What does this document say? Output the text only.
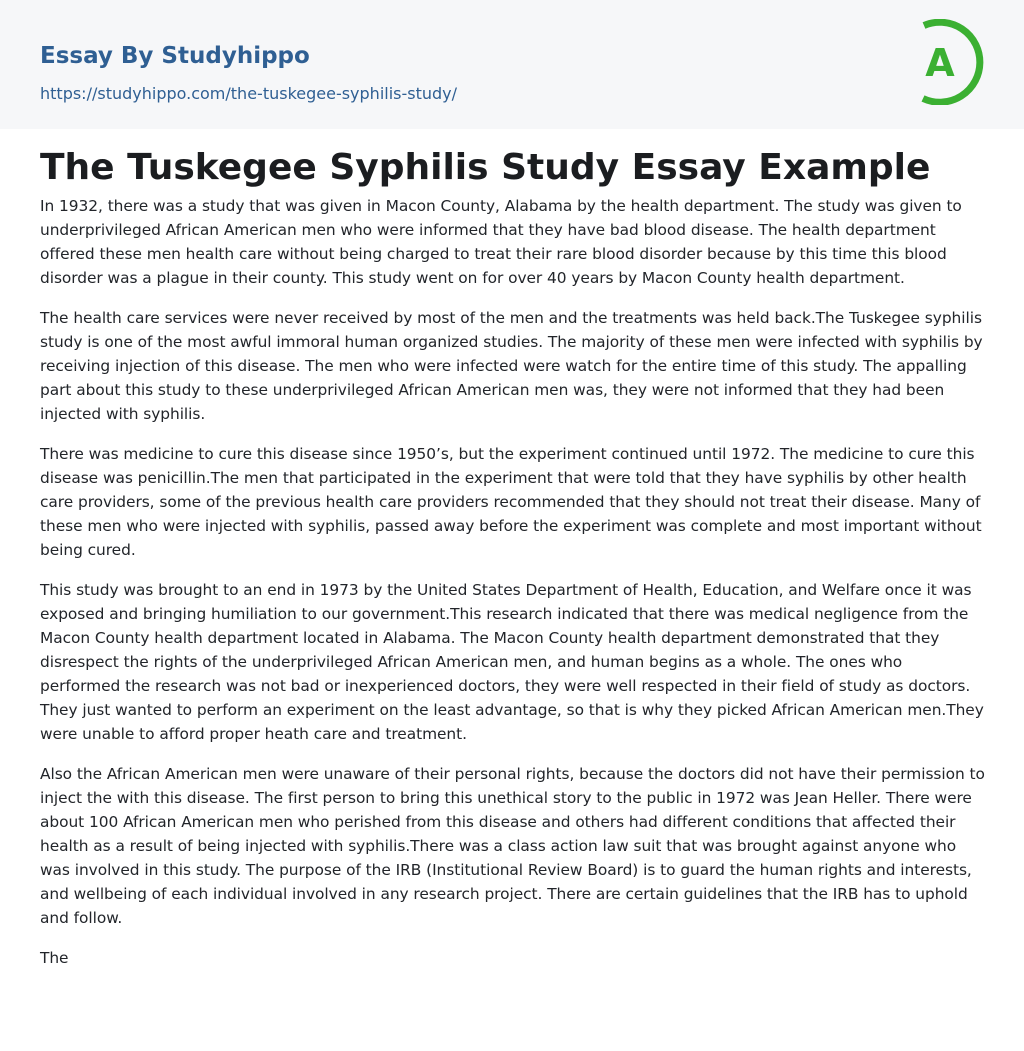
Essay By Studyhippo
https://studyhippo.com/the-tuskegee-syphilis-study/
A
The Tuskegee Syphilis Study Essay Example

In 1932, there was a study that was given in Macon County, Alabama by the health department. The study was given to underprivileged African American men who were informed that they have bad blood disease. The health department offered these men health care without being charged to treat their rare blood disorder because by this time this blood disorder was a plague in their county. This study went on for over 40 years by Macon County health department.

The health care services were never received by most of the men and the treatments was held back.The Tuskegee syphilis study is one of the most awful immoral human organized studies. The majority of these men were infected with syphilis by receiving injection of this disease. The men who were infected were watch for the entire time of this study. The appalling part about this study to these underprivileged African American men was, they were not informed that they had been injected with syphilis.

There was medicine to cure this disease since 1950’s, but the experiment continued until 1972. The medicine to cure this disease was penicillin.The men that participated in the experiment that were told that they have syphilis by other health care providers, some of the previous health care providers recommended that they should not treat their disease. Many of these men who were injected with syphilis, passed away before the experiment was complete and most important without being cured.

This study was brought to an end in 1973 by the United States Department of Health, Education, and Welfare once it was exposed and bringing humiliation to our government.This research indicated that there was medical negligence from the Macon County health department located in Alabama. The Macon County health department demonstrated that they disrespect the rights of the underprivileged African American men, and human begins as a whole. The ones who performed the research was not bad or inexperienced doctors, they were well respected in their field of study as doctors. They just wanted to perform an experiment on the least advantage, so that is why they picked African American men.They were unable to afford proper heath care and treatment.

Also the African American men were unaware of their personal rights, because the doctors did not have their permission to inject the with this disease. The first person to bring this unethical story to the public in 1972 was Jean Heller. There were about 100 African American men who perished from this disease and others had different conditions that affected their health as a result of being injected with syphilis.There was a class action law suit that was brought against anyone who was involved in this study. The purpose of the IRB (Institutional Review Board) is to guard the human rights and interests, and wellbeing of each individual involved in any research project. There are certain guidelines that the IRB has to uphold and follow.

The
